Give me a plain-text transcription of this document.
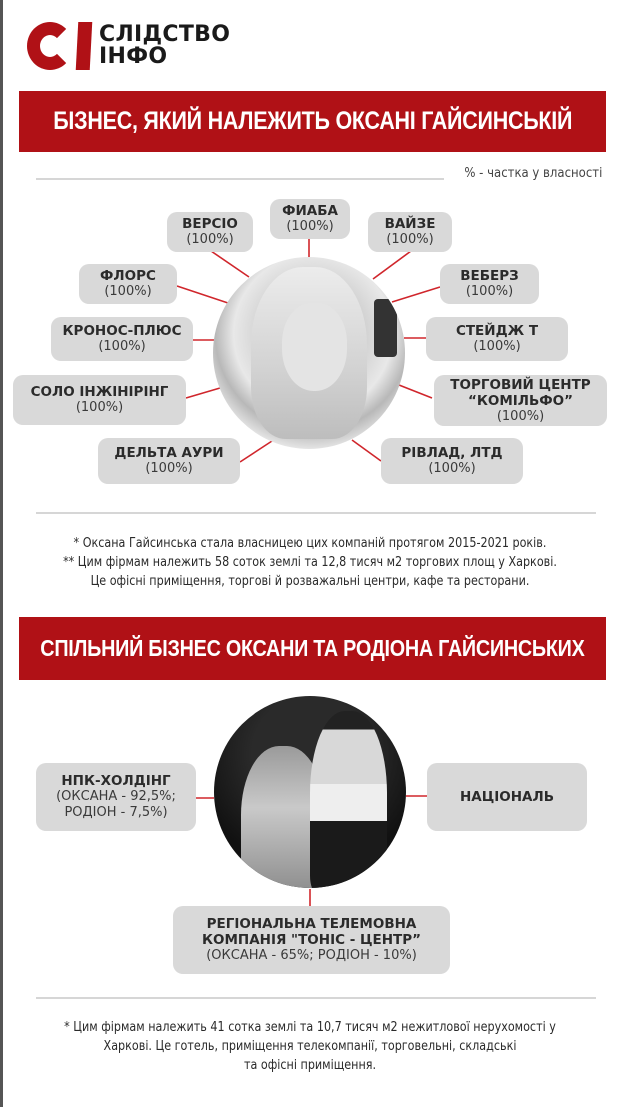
СЛІДСТВО
ІНФО
БІЗНЕС, ЯКИЙ НАЛЕЖИТЬ ОКСАНІ ГАЙСИНСЬКІЙ
% - частка у власності
ВЕРСІО
(100%)
ФИАБА
(100%)	ВАЙЗЕ
(100%)
ФЛОРС
(100%)
ВЕБЕРЗ
(100%)
КРОНОС-ПЛЮС
(100%)
СТЕЙДЖ Т
(100%)
СОЛО ІНЖІНІРІНГ
(100%)
ТОРГОВИЙ ЦЕНТР
“КОМІЛЬФО”
(100%)
ДЕЛЬТА АУРИ
(100%)
РІВЛАД, ЛТД
(100%)

* Оксана Гайсинська стала власницею цих компаній протягом 2015-2021 років.

** Цим фірмам належить 58 соток землі та 12,8 тисяч м2 торгових площ у Харкові.

Це офісні приміщення, торгові й розважальні центри, кафе та ресторани.

СПІЛЬНИЙ БІЗНЕС ОКСАНИ ТА РОДІОНА ГАЙСИНСЬКИХ
НПК-ХОЛДІНГ
(ОКСАНА - 92,5%;
РОДІОН - 7,5%)
НАЦІОНАЛЬ
РЕГІОНАЛЬНА ТЕЛЕМОВНА
КОМПАНІЯ "ТОНІС - ЦЕНТР”
(ОКСАНА - 65%; РОДІОН - 10%)

* Цим фірмам належить 41 сотка землі та 10,7 тисяч м2 нежитлової нерухомості у

Харкові. Це готель, приміщення телекомпанії, торговельні, складські

та офісні приміщення.
